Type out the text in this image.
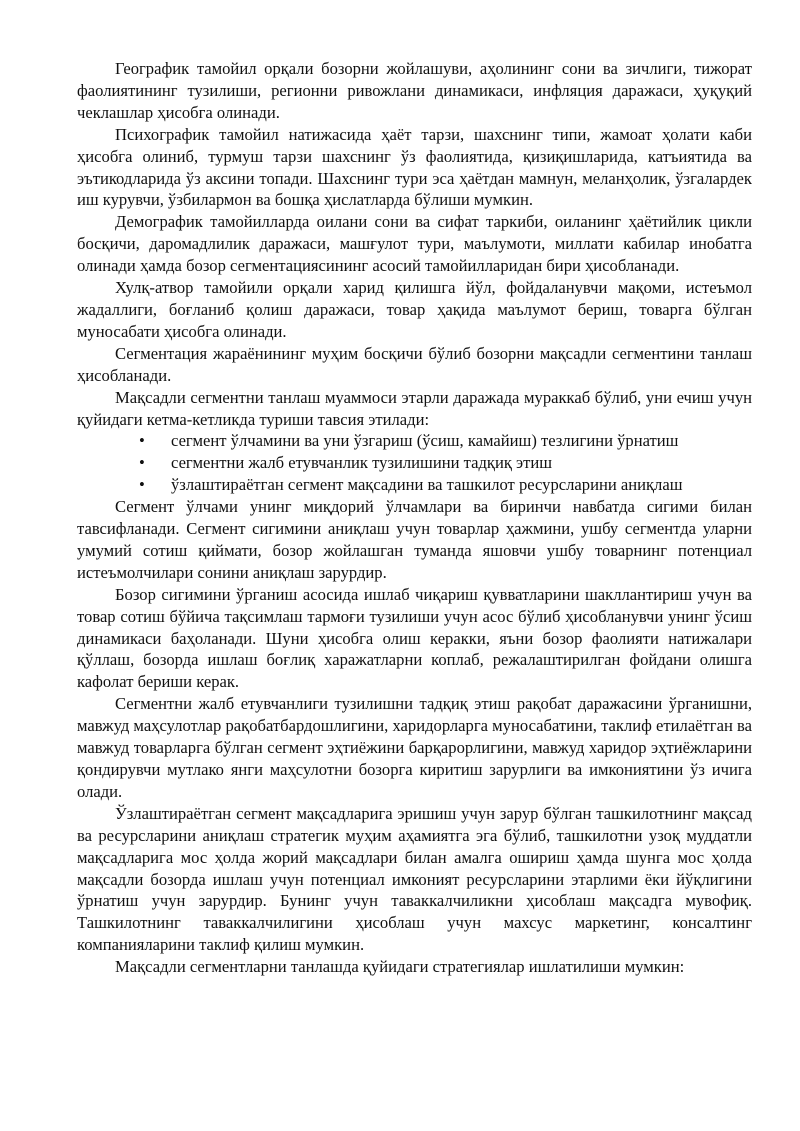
Географик тамойил орқали бозорни жойлашуви, аҳолининг сони ва зичлиги, тижорат фаолиятининг тузилиши, регионни ривожлани динамикаси, инфляция даражаси, ҳуқуқий чеклашлар ҳисобга олинади.

Психографик тамойил натижасида ҳаёт тарзи, шахснинг типи, жамоат ҳолати каби ҳисобга олиниб, турмуш тарзи шахснинг ўз фаолиятида, қизиқишларида, катъиятида ва эътикодларида ўз аксини топади. Шахснинг тури эса ҳаётдан мамнун, меланҳолик, ўзгалардек иш курувчи, ўзбилармон ва бошқа ҳислатларда бўлиши мумкин.

Демографик тамойилларда оилани сони ва сифат таркиби, оиланинг ҳаётийлик цикли босқичи, даромадлилик даражаси, машғулот тури, маълумоти, миллати кабилар инобатга олинади ҳамда бозор сегментациясининг асосий тамойилларидан бири ҳисобланади.

Хулқ-атвор тамойили орқали харид қилишга йўл, фойдаланувчи мақоми, истеъмол жадаллиги, боғланиб қолиш даражаси, товар ҳақида маълумот бериш, товарга бўлган муносабати ҳисобга олинади.

Сегментация жараёнининг муҳим босқичи бўлиб бозорни мақсадли сегментини танлаш ҳисобланади.

Мақсадли сегментни танлаш муаммоси этарли даражада мураккаб бўлиб, уни ечиш учун қуйидаги кетма-кетликда туриши тавсия этилади:

• сегмент ўлчамини ва уни ўзгариш (ўсиш, камайиш) тезлигини ўрнатиш
• сегментни жалб етувчанлик тузилишини тадқиқ этиш
• ўзлаштираётган сегмент мақсадини ва ташкилот ресурсларини аниқлаш

Сегмент ўлчами унинг миқдорий ўлчамлари ва биринчи навбатда сигими билан тавсифланади. Сегмент сигимини аниқлаш учун товарлар ҳажмини, ушбу сегментда уларни умумий сотиш қиймати, бозор жойлашган туманда яшовчи ушбу товарнинг потенциал истеъмолчилари сонини аниқлаш зарурдир.

Бозор сигимини ўрганиш асосида ишлаб чиқариш қувватларини шакллантириш учун ва товар сотиш бўйича тақсимлаш тармоғи тузилиши учун асос бўлиб ҳисобланувчи унинг ўсиш динамикаси баҳоланади. Шуни ҳисобга олиш керакки, яъни бозор фаолияти натижалари қўллаш, бозорда ишлаш боғлиқ харажатларни коплаб, режалаштирилган фойдани олишга кафолат бериши керак.

Сегментни жалб етувчанлиги тузилишни тадқиқ этиш рақобат даражасини ўрганишни, мавжуд маҳсулотлар рақобатбардошлигини, харидорларга муносабатини, таклиф етилаётган ва мавжуд товарларга бўлган сегмент эҳтиёжини барқарорлигини, мавжуд харидор эҳтиёжларини қондирувчи мутлако янги маҳсулотни бозорга киритиш зарурлиги ва имкониятини ўз ичига олади.

Ўзлаштираётган сегмент мақсадларига эришиш учун зарур бўлган ташкилотнинг мақсад ва ресурсларини аниқлаш стратегик муҳим аҳамиятга эга бўлиб, ташкилотни узоқ муддатли мақсадларига мос ҳолда жорий мақсадлари билан амалга ошириш ҳамда шунга мос ҳолда мақсадли бозорда ишлаш учун потенциал имконият ресурсларини этарлими ёки йўқлигини ўрнатиш учун зарурдир. Бунинг учун таваккалчиликни ҳисоблаш мақсадга мувофиқ. Ташкилотнинг таваккалчилигини ҳисоблаш учун махсус маркетинг, консалтинг компанияларини таклиф қилиш мумкин.

Мақсадли сегментларни танлашда қуйидаги стратегиялар ишлатилиши мумкин:
